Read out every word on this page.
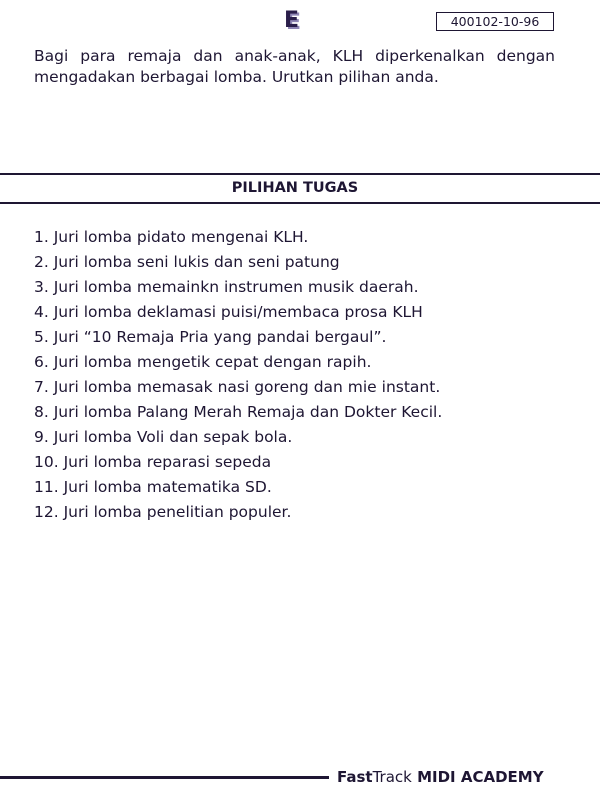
E	400102-10-96

Bagi para remaja dan anak-anak, KLH diperkenalkan dengan mengadakan berbagai lomba. Urutkan pilihan anda.

PILIHAN TUGAS
1. Juri lomba pidato mengenai KLH.
2. Juri lomba seni lukis dan seni patung
3. Juri lomba memainkn instrumen musik daerah.
4. Juri lomba deklamasi puisi/membaca prosa KLH
5. Juri “10 Remaja Pria yang pandai bergaul”.
6. Juri lomba mengetik cepat dengan rapih.
7. Juri lomba memasak nasi goreng dan mie instant.
8. Juri lomba Palang Merah Remaja dan Dokter Kecil.
9. Juri lomba Voli dan sepak bola.
10. Juri lomba reparasi sepeda
11. Juri lomba matematika SD.
12. Juri lomba penelitian populer.
FastTrack MIDI ACADEMY
